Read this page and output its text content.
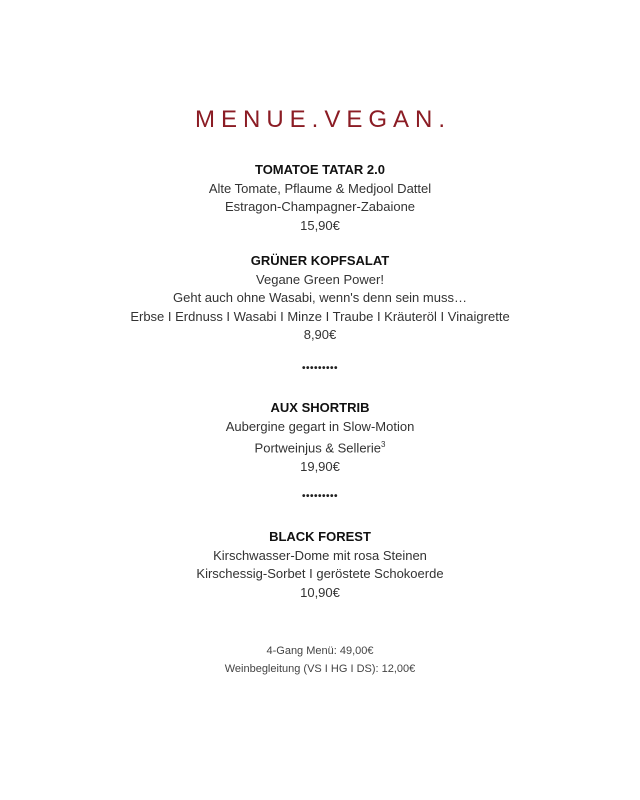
MENUE.VEGAN.
TOMATOE TATAR 2.0
Alte Tomate, Pflaume & Medjool Dattel
Estragon-Champagner-Zabaione
15,90€
GRÜNER KOPFSALAT
Vegane Green Power!
Geht auch ohne Wasabi, wenn's denn sein muss…
Erbse I Erdnuss I Wasabi I Minze I Traube I Kräuteröl I Vinaigrette
8,90€
•••••••••
AUX SHORTRIB
Aubergine gegart in Slow-Motion
Portweinjus & Sellerie$^3$
19,90€
•••••••••
BLACK FOREST
Kirschwasser-Dome mit rosa Steinen
Kirschessig-Sorbet I geröstete Schokoerde
10,90€
4-Gang Menü: 49,00€
Weinbegleitung (VS I HG I DS): 12,00€
